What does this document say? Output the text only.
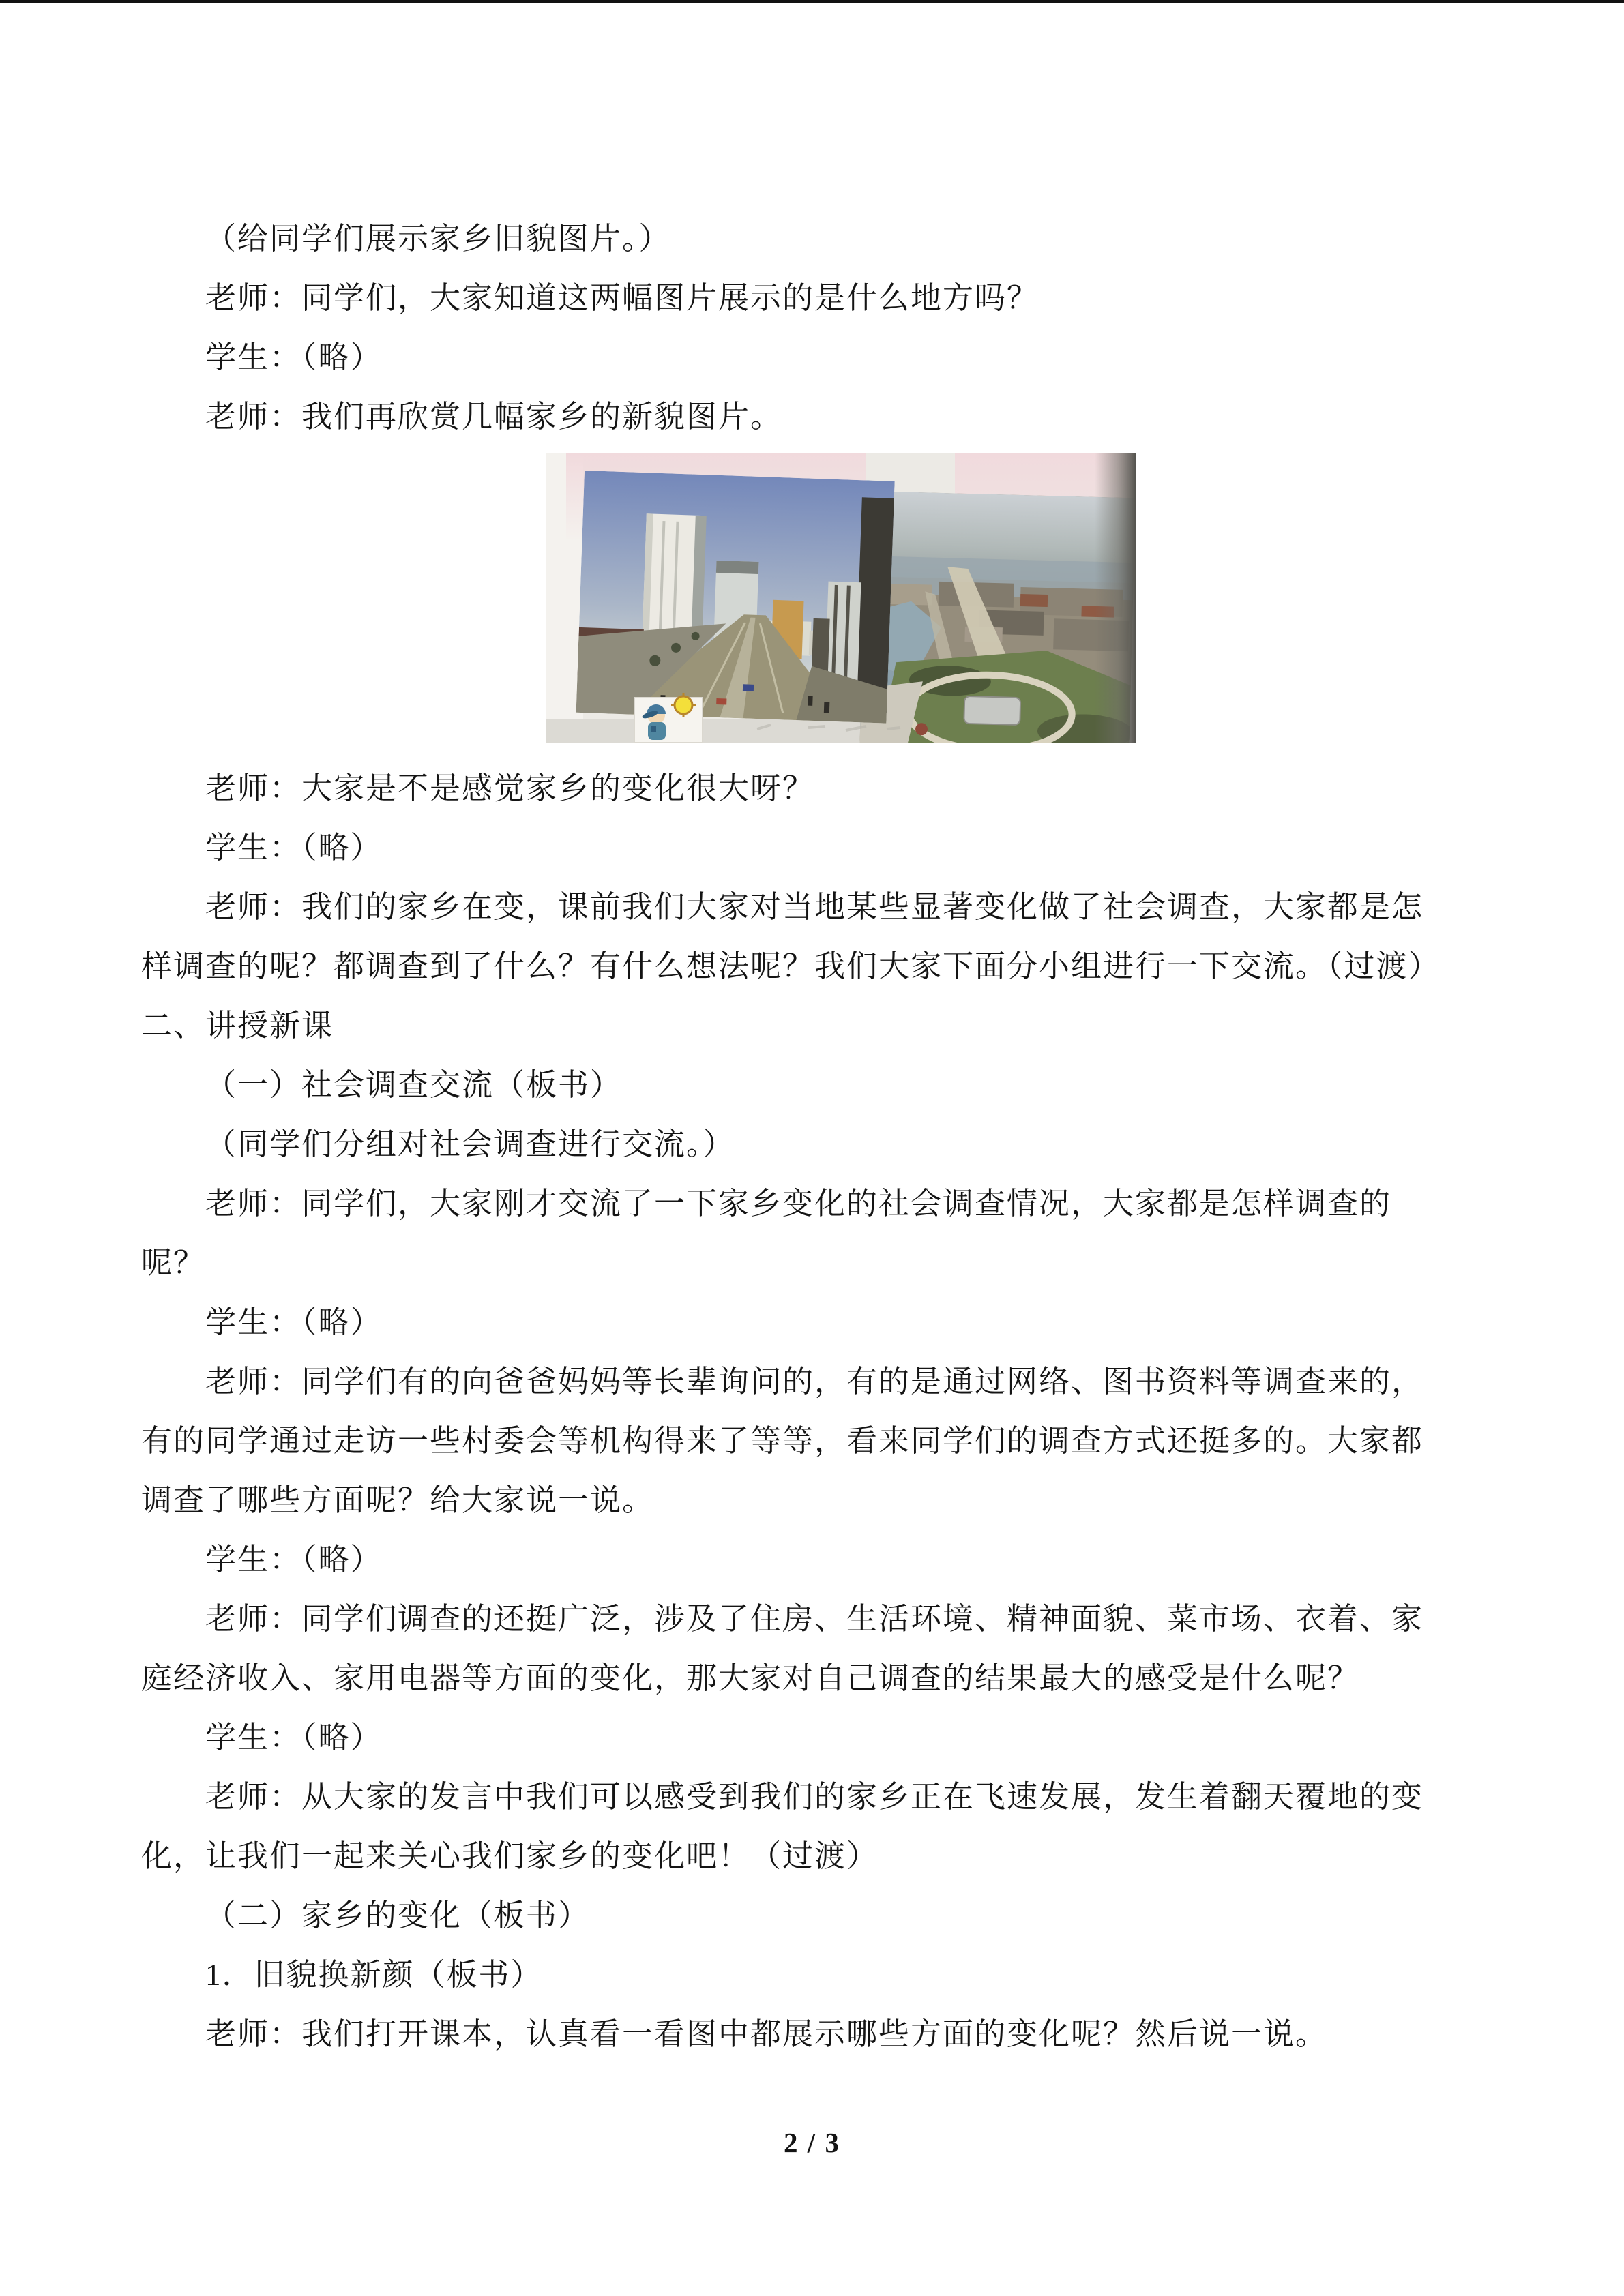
（给同学们展示家乡旧貌图片。）

老师：同学们，大家知道这两幅图片展示的是什么地方吗？

学生：（略）

老师：我们再欣赏几幅家乡的新貌图片。

老师：大家是不是感觉家乡的变化很大呀？

学生：（略）

老师：我们的家乡在变，课前我们大家对当地某些显著变化做了社会调查，大家都是怎

样调查的呢？都调查到了什么？有什么想法呢？我们大家下面分小组进行一下交流。（过渡）

二、讲授新课

（一）社会调查交流（板书）

（同学们分组对社会调查进行交流。）

老师：同学们，大家刚才交流了一下家乡变化的社会调查情况，大家都是怎样调查的

呢？

学生：（略）

老师：同学们有的向爸爸妈妈等长辈询问的，有的是通过网络、图书资料等调查来的，

有的同学通过走访一些村委会等机构得来了等等，看来同学们的调查方式还挺多的。大家都

调查了哪些方面呢？给大家说一说。

学生：（略）

老师：同学们调查的还挺广泛，涉及了住房、生活环境、精神面貌、菜市场、衣着、家

庭经济收入、家用电器等方面的变化，那大家对自己调查的结果最大的感受是什么呢？

学生：（略）

老师：从大家的发言中我们可以感受到我们的家乡正在飞速发展，发生着翻天覆地的变

化，让我们一起来关心我们家乡的变化吧！（过渡）

（二）家乡的变化（板书）

1．旧貌换新颜（板书）

老师：我们打开课本，认真看一看图中都展示哪些方面的变化呢？然后说一说。

2 / 3
